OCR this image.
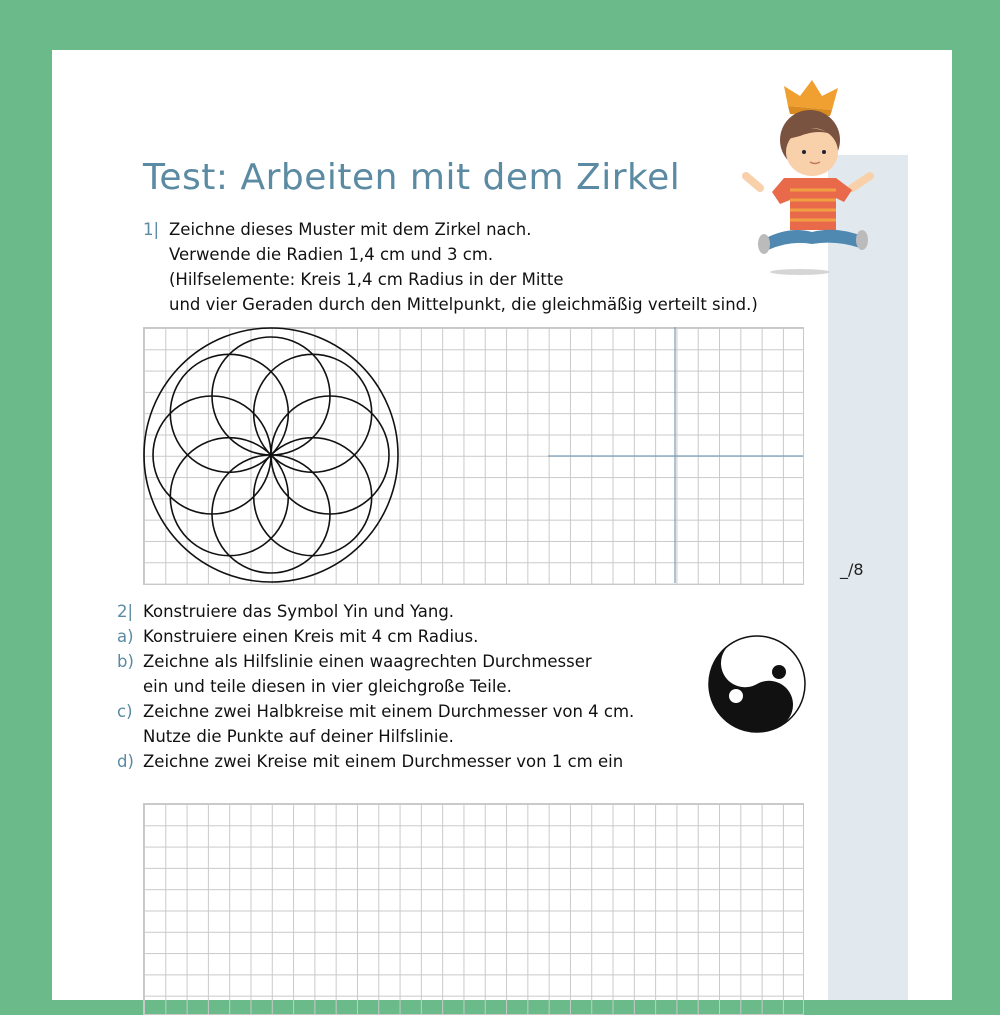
Test: Arbeiten mit dem Zirkel
1| Zeichne dieses Muster mit dem Zirkel nach.
Verwende die Radien 1,4 cm und 3 cm.
(Hilfselemente: Kreis 1,4 cm Radius in der Mitte
und vier Geraden durch den Mittelpunkt, die gleichmäßig verteilt sind.)
_/8
2| Konstruiere das Symbol Yin und Yang.
a) Konstruiere einen Kreis mit 4 cm Radius.
b) Zeichne als Hilfslinie einen waagrechten Durchmesser
ein und teile diesen in vier gleichgroße Teile.
c) Zeichne zwei Halbkreise mit einem Durchmesser von 4 cm.
Nutze die Punkte auf deiner Hilfslinie.
d) Zeichne zwei Kreise mit einem Durchmesser von 1 cm ein
